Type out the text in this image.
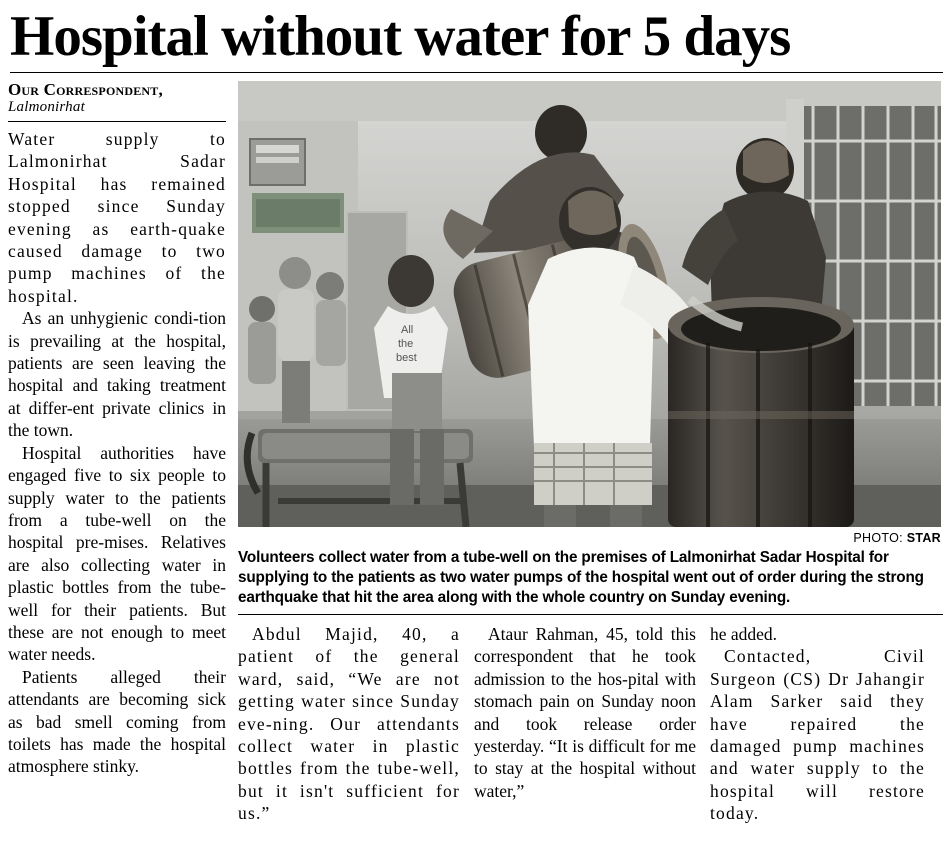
Hospital without water for 5 days
Our Correspondent,
Lalmonirhat

Water supply to Lalmonirhat Sadar Hospital has remained stopped since Sunday evening as earth-quake caused damage to two pump machines of the hospital.

As an unhygienic condi-tion is prevailing at the hospital, patients are seen leaving the hospital and taking treatment at differ-ent private clinics in the town.

Hospital authorities have engaged five to six people to supply water to the patients from a tube-well on the hospital pre-mises. Relatives are also collecting water in plastic bottles from the tube-well for their patients. But these are not enough to meet water needs.

Patients alleged their attendants are becoming sick as bad smell coming from toilets has made the hospital atmosphere stinky.

All
the
best
PHOTO: STAR
Volunteers collect water from a tube-well on the premises of Lalmonirhat Sadar Hospital for supplying to the patients as two water pumps of the hospital went out of order during the strong earthquake that hit the area along with the whole country on Sunday evening.

Abdul Majid, 40, a patient of the general ward, said, “We are not getting water since Sunday eve-ning. Our attendants collect water in plastic bottles from the tube-well, but it isn't sufficient for us.”

Ataur Rahman, 45, told this correspondent that he took admission to the hos-pital with stomach pain on Sunday noon and took release order yesterday. “It is difficult for me to stay at the hospital without water,”

he added.

Contacted, Civil Surgeon (CS) Dr Jahangir Alam Sarker said they have repaired the damaged pump machines and water supply to the hospital will restore today.
